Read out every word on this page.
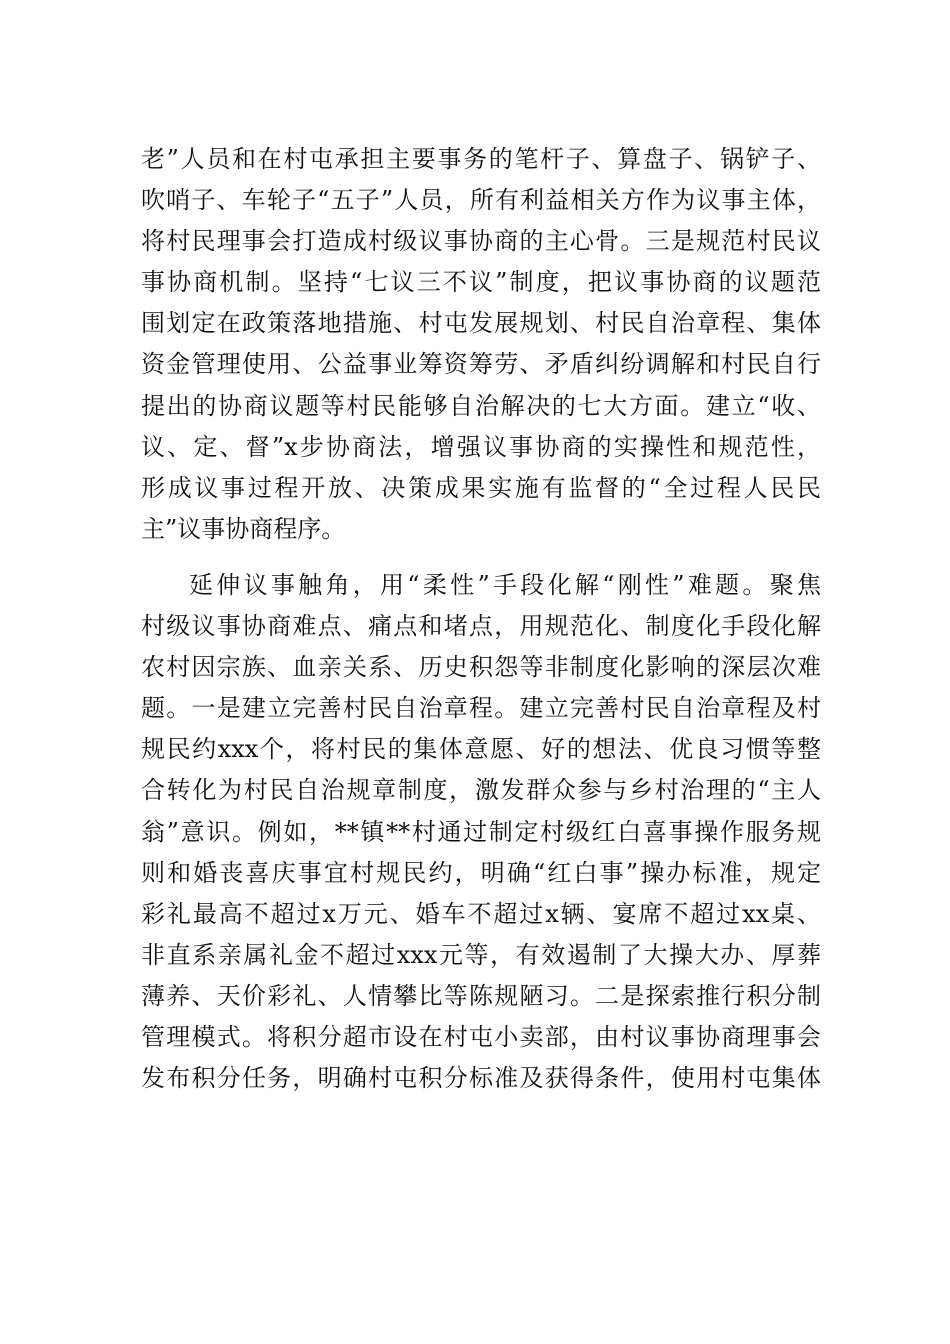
老”人员和在村屯承担主要事务的笔杆子、算盘子、锅铲子、
吹哨子、车轮子“五子”人员，所有利益相关方作为议事主体，
将村民理事会打造成村级议事协商的主心骨。三是规范村民议
事协商机制。坚持“七议三不议”制度，把议事协商的议题范
围划定在政策落地措施、村屯发展规划、村民自治章程、集体
资金管理使用、公益事业筹资筹劳、矛盾纠纷调解和村民自行
提出的协商议题等村民能够自治解决的七大方面。建立“收、
议、定、督”x步协商法，增强议事协商的实操性和规范性，
形成议事过程开放、决策成果实施有监督的“全过程人民民
主”议事协商程序。
延伸议事触角，用“柔性”手段化解“刚性”难题。聚焦
村级议事协商难点、痛点和堵点，用规范化、制度化手段化解
农村因宗族、血亲关系、历史积怨等非制度化影响的深层次难
题。一是建立完善村民自治章程。建立完善村民自治章程及村
规民约xxx个，将村民的集体意愿、好的想法、优良习惯等整
合转化为村民自治规章制度，激发群众参与乡村治理的“主人
翁”意识。例如，**镇**村通过制定村级红白喜事操作服务规
则和婚丧喜庆事宜村规民约，明确“红白事”操办标准，规定
彩礼最高不超过x万元、婚车不超过x辆、宴席不超过xx桌、
非直系亲属礼金不超过xxx元等，有效遏制了大操大办、厚葬
薄养、天价彩礼、人情攀比等陈规陋习。二是探索推行积分制
管理模式。将积分超市设在村屯小卖部，由村议事协商理事会
发布积分任务，明确村屯积分标准及获得条件，使用村屯集体
